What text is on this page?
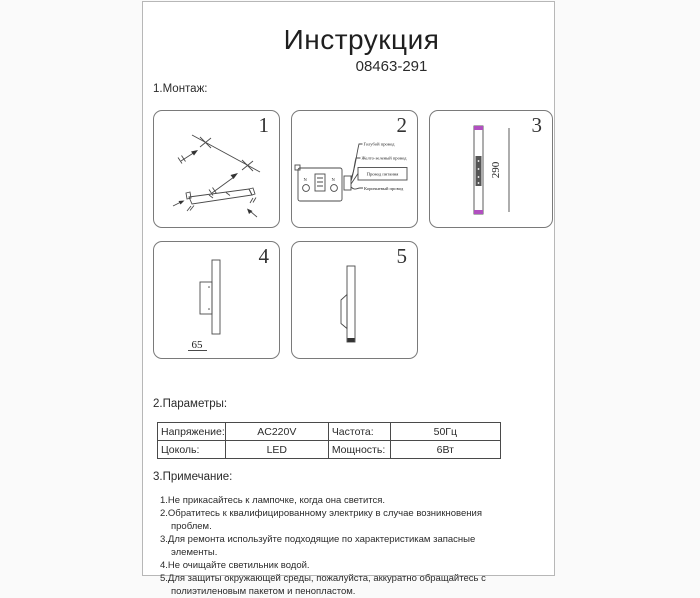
Инструкция
08463-291
1.Монтаж:
1
N	N
Голубой провод
Желто-зеленый провод
Провод питания
Коричневый провод
2
290
3
65
4	5
2.Параметры:
Напряжение:	AC220V	Частота:	50Гц
Цоколь:	LED	Мощность:	6Вт
3.Примечание:
1.Не прикасайтесь к лампочке, когда она светится.
2.Обратитесь к квалифицированному электрику в случае возникновения проблем.
3.Для ремонта используйте подходящие по характеристикам запасные элементы.
4.Не очищайте светильник водой.
5.Для защиты окружающей среды, пожалуйста, аккуратно обращайтесь с полиэтиленовым пакетом и пенопластом.
